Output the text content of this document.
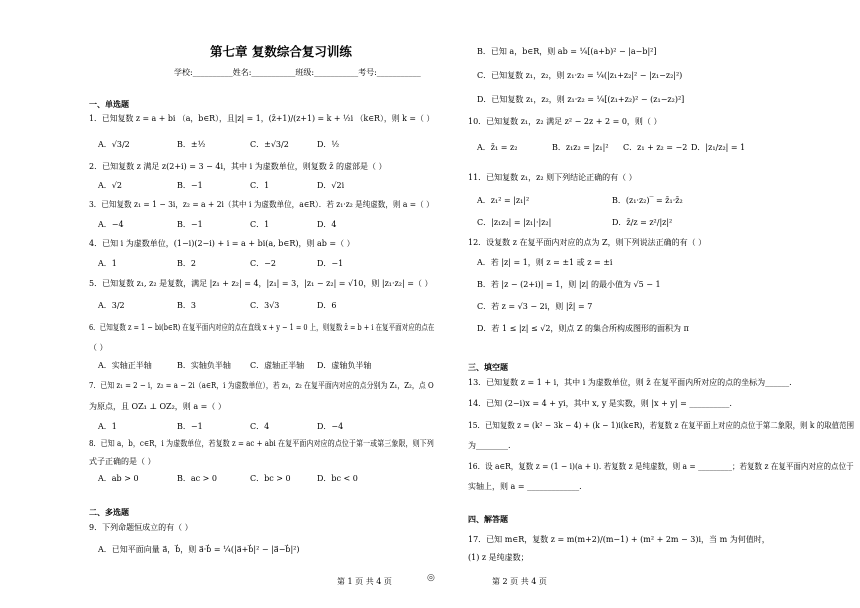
第七章 复数综合复习训练
学校:__________姓名:___________班级:___________考号:___________
一、单选题
1．已知复数 z = a + bi （a，b∈R），且|z| = 1，(z̄+1)/(z+1) = k + ½i （k∈R），则 k =（ ）
A．√3/2	B．±½	C．±√3/2	D．½
2．已知复数 z 满足 z(2+i) = 3 − 4i，其中 i 为虚数单位，则复数 z̄ 的虚部是（ ）
A．√2	B．−1	C．1	D．√2i
3．已知复数 z₁ = 1 − 3i，z₂ = a + 2i（其中 i 为虚数单位，a∈R）．若 z₁·z₂ 是纯虚数，则 a =（ ）
A．−4	B．−1	C．1	D．4
4．已知 i 为虚数单位，(1−i)(2−i) + i = a + bi(a, b∈R)，则 ab =（ ）
A．1	B．2	C．−2	D．−1
5．已知复数 z₁, z₂ 是复数，满足 |z₁ + z₂| = 4，|z₁| = 3，|z₁ − z₂| = √10，则 |z₁·z₂| =（ ）
A．3/2	B．3	C．3√3	D．6
6．已知复数 z = 1 − bi(b∈R) 在复平面内对应的点在直线 x + y − 1 = 0 上，则复数 z̄ = b + i 在复平面对应的点在
（ ）
A．实轴正半轴	B．实轴负半轴 C．虚轴正半轴 D．虚轴负半轴
7．已知 z₁ = 2 − i，z₂ = a − 2i（a∈R，i 为虚数单位），若 z₁，z₂ 在复平面内对应的点分别为 Z₁，Z₂，点 O
为原点，且 OZ₁ ⊥ OZ₂，则 a =（ ）
A．1	B．−1	C．4	D．−4
8．已知 a，b，c∈R，i 为虚数单位，若复数 z = ac + abi 在复平面内对应的点位于第一或第三象限，则下列
式子正确的是（ ）
A．ab > 0	B．ac > 0	C．bc > 0	D．bc < 0
二、多选题
9．下列命题恒成立的有（ ）
A．已知平面向量 a⃗，b⃗，则 a⃗·b⃗ = ¼(|a⃗+b⃗|² − |a⃗−b⃗|²)
第 1 页 共 4 页	◎
B．已知 a，b∈R，则 ab = ¼[(a+b)² − |a−b|²]
C．已知复数 z₁，z₂，则 z₁·z₂ = ¼(|z₁+z₂|² − |z₁−z₂|²)
D．已知复数 z₁，z₂，则 z₁·z₂ = ¼[(z₁+z₂)² − (z₁−z₂)²]
10．已知复数 z₁，z₂ 满足 z² − 2z + 2 = 0，则（ ）
A．z̄₁ = z₂	B．z₁z₂ = |z₁|² C．z₁ + z₂ = −2 D．|z₁/z₂| = 1
11．已知复数 z₁，z₂ 则下列结论正确的有（ ）
A．z₁² = |z₁|²	B．(z₁·z₂)‾ = z̄₁·z̄₂
C．|z₁z₂| = |z₁|·|z₂|	D．z̄/z = z²/|z|²
12．设复数 z 在复平面内对应的点为 Z，则下列说法正确的有（ ）
A．若 |z| = 1，则 z = ±1 或 z = ±i
B．若 |z − (2+i)| = 1，则 |z| 的最小值为 √5 − 1
C．若 z = √3 − 2i，则 |z̄| = 7
D．若 1 ≤ |z| ≤ √2，则点 Z 的集合所构成图形的面积为 π
三、填空题
13．已知复数 z = 1 + i，其中 i 为虚数单位，则 z̄ 在复平面内所对应的点的坐标为______.
14．已知 (2−i)x = 4 + yi，其中 x, y 是实数，则 |x + y| = __________.
15．已知复数 z = (k² − 3k − 4) + (k − 1)i(k∈R)，若复数 z 在复平面上对应的点位于第二象限，则 k 的取值范围
为________.
16．设 a∈R，复数 z = (1 − i)(a + i). 若复数 z 是纯虚数，则 a = _________；若复数 z 在复平面内对应的点位于
实轴上，则 a = _____________.
四、解答题
17．已知 m∈R，复数 z = m(m+2)/(m−1) + (m² + 2m − 3)i，当 m 为何值时，
(1) z 是纯虚数；
第 2 页 共 4 页
